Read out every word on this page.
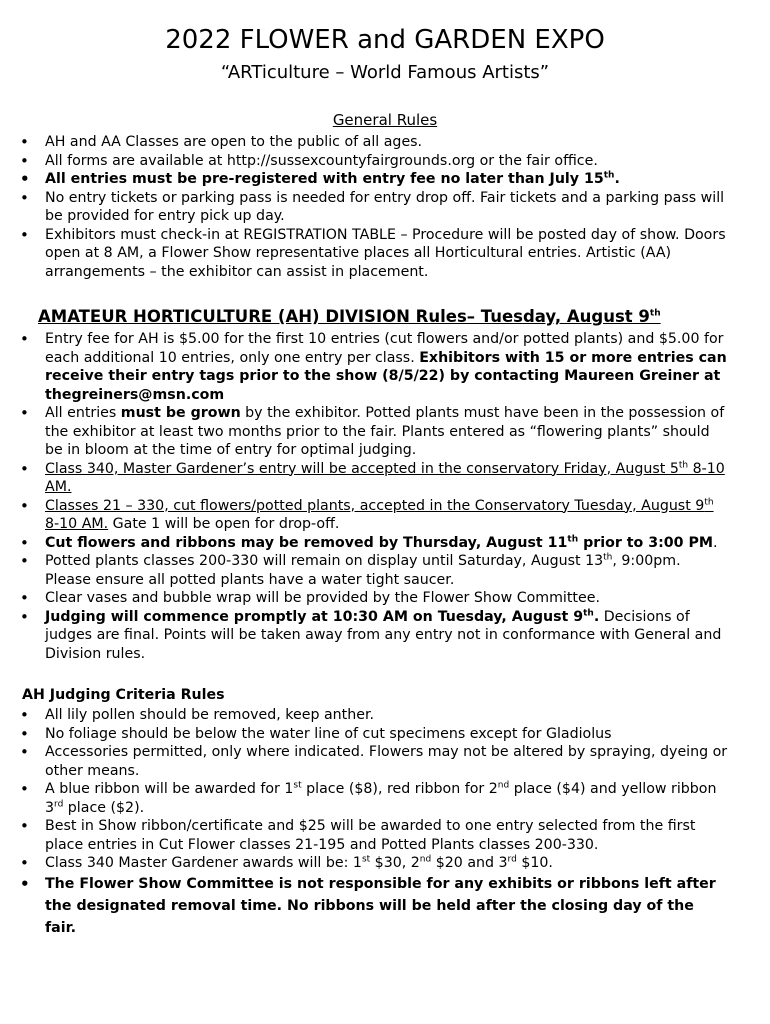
2022 FLOWER and GARDEN EXPO
“ARTiculture – World Famous Artists”
General Rules
• AH and AA Classes are open to the public of all ages.
• All forms are available at http://sussexcountyfairgrounds.org or the fair office.
• All entries must be pre-registered with entry fee no later than July 15th.
• No entry tickets or parking pass is needed for entry drop off. Fair tickets and a parking pass will be provided for entry pick up day.
• Exhibitors must check-in at REGISTRATION TABLE – Procedure will be posted day of show. Doors open at 8 AM, a Flower Show representative places all Horticultural entries. Artistic (AA) arrangements – the exhibitor can assist in placement.
AMATEUR HORTICULTURE (AH) DIVISION Rules– Tuesday, August 9th
• Entry fee for AH is $5.00 for the first 10 entries (cut flowers and/or potted plants) and $5.00 for each additional 10 entries, only one entry per class. Exhibitors with 15 or more entries can receive their entry tags prior to the show (8/5/22) by contacting Maureen Greiner at thegreiners@msn.com
• All entries must be grown by the exhibitor. Potted plants must have been in the possession of the exhibitor at least two months prior to the fair. Plants entered as “flowering plants” should be in bloom at the time of entry for optimal judging.
• Class 340, Master Gardener’s entry will be accepted in the conservatory Friday, August 5th 8-10 AM.
• Classes 21 – 330, cut flowers/potted plants, accepted in the Conservatory Tuesday, August 9th 8-10 AM. Gate 1 will be open for drop-off.
• Cut flowers and ribbons may be removed by Thursday, August 11th prior to 3:00 PM.
• Potted plants classes 200-330 will remain on display until Saturday, August 13th, 9:00pm. Please ensure all potted plants have a water tight saucer.
• Clear vases and bubble wrap will be provided by the Flower Show Committee.
• Judging will commence promptly at 10:30 AM on Tuesday, August 9th. Decisions of judges are final. Points will be taken away from any entry not in conformance with General and Division rules.
AH Judging Criteria Rules
• All lily pollen should be removed, keep anther.
• No foliage should be below the water line of cut specimens except for Gladiolus
• Accessories permitted, only where indicated. Flowers may not be altered by spraying, dyeing or other means.
• A blue ribbon will be awarded for 1st place ($8), red ribbon for 2nd place ($4) and yellow ribbon 3rd place ($2).
• Best in Show ribbon/certificate and $25 will be awarded to one entry selected from the first place entries in Cut Flower classes 21-195 and Potted Plants classes 200-330.
• Class 340 Master Gardener awards will be: 1st $30, 2nd $20 and 3rd $10.
• The Flower Show Committee is not responsible for any exhibits or ribbons left after the designated removal time. No ribbons will be held after the closing day of the fair.
